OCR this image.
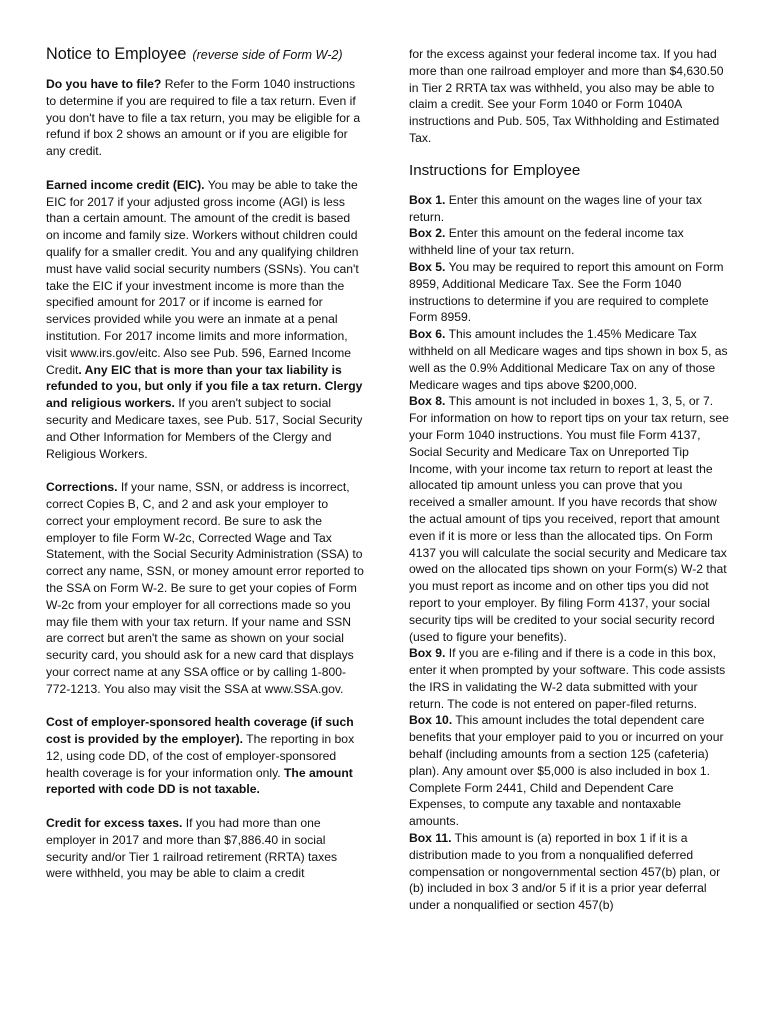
Notice to Employee (reverse side of Form W-2)

Do you have to file? Refer to the Form 1040 instructions to determine if you are required to file a tax return. Even if you don't have to file a tax return, you may be eligible for a refund if box 2 shows an amount or if you are eligible for any credit.

Earned income credit (EIC). You may be able to take the EIC for 2017 if your adjusted gross income (AGI) is less than a certain amount. The amount of the credit is based on income and family size. Workers without children could qualify for a smaller credit. You and any qualifying children must have valid social security numbers (SSNs). You can't take the EIC if your investment income is more than the specified amount for 2017 or if income is earned for services provided while you were an inmate at a penal institution. For 2017 income limits and more information, visit www.irs.gov/eitc. Also see Pub. 596, Earned Income Credit. Any EIC that is more than your tax liability is refunded to you, but only if you file a tax return. Clergy and religious workers. If you aren't subject to social security and Medicare taxes, see Pub. 517, Social Security and Other Information for Members of the Clergy and Religious Workers.

Corrections. If your name, SSN, or address is incorrect, correct Copies B, C, and 2 and ask your employer to correct your employment record. Be sure to ask the employer to file Form W-2c, Corrected Wage and Tax Statement, with the Social Security Administration (SSA) to correct any name, SSN, or money amount error reported to the SSA on Form W-2. Be sure to get your copies of Form W-2c from your employer for all corrections made so you may file them with your tax return. If your name and SSN are correct but aren't the same as shown on your social security card, you should ask for a new card that displays your correct name at any SSA office or by calling 1-800-772-1213. You also may visit the SSA at www.SSA.gov.

Cost of employer-sponsored health coverage (if such cost is provided by the employer). The reporting in box 12, using code DD, of the cost of employer-sponsored health coverage is for your information only. The amount reported with code DD is not taxable.

Credit for excess taxes. If you had more than one employer in 2017 and more than $7,886.40 in social security and/or Tier 1 railroad retirement (RRTA) taxes were withheld, you may be able to claim a credit

for the excess against your federal income tax. If you had more than one railroad employer and more than $4,630.50 in Tier 2 RRTA tax was withheld, you also may be able to claim a credit. See your Form 1040 or Form 1040A instructions and Pub. 505, Tax Withholding and Estimated Tax.

Instructions for Employee

Box 1. Enter this amount on the wages line of your tax return.

Box 2. Enter this amount on the federal income tax withheld line of your tax return.

Box 5. You may be required to report this amount on Form 8959, Additional Medicare Tax. See the Form 1040 instructions to determine if you are required to complete Form 8959.

Box 6. This amount includes the 1.45% Medicare Tax withheld on all Medicare wages and tips shown in box 5, as well as the 0.9% Additional Medicare Tax on any of those Medicare wages and tips above $200,000.

Box 8. This amount is not included in boxes 1, 3, 5, or 7. For information on how to report tips on your tax return, see your Form 1040 instructions. You must file Form 4137, Social Security and Medicare Tax on Unreported Tip Income, with your income tax return to report at least the allocated tip amount unless you can prove that you received a smaller amount. If you have records that show the actual amount of tips you received, report that amount even if it is more or less than the allocated tips. On Form 4137 you will calculate the social security and Medicare tax owed on the allocated tips shown on your Form(s) W-2 that you must report as income and on other tips you did not report to your employer. By filing Form 4137, your social security tips will be credited to your social security record (used to figure your benefits).

Box 9. If you are e-filing and if there is a code in this box, enter it when prompted by your software. This code assists the IRS in validating the W-2 data submitted with your return. The code is not entered on paper-filed returns.

Box 10. This amount includes the total dependent care benefits that your employer paid to you or incurred on your behalf (including amounts from a section 125 (cafeteria) plan). Any amount over $5,000 is also included in box 1. Complete Form 2441, Child and Dependent Care Expenses, to compute any taxable and nontaxable amounts.

Box 11. This amount is (a) reported in box 1 if it is a distribution made to you from a nonqualified deferred compensation or nongovernmental section 457(b) plan, or (b) included in box 3 and/or 5 if it is a prior year deferral under a nonqualified or section 457(b)
